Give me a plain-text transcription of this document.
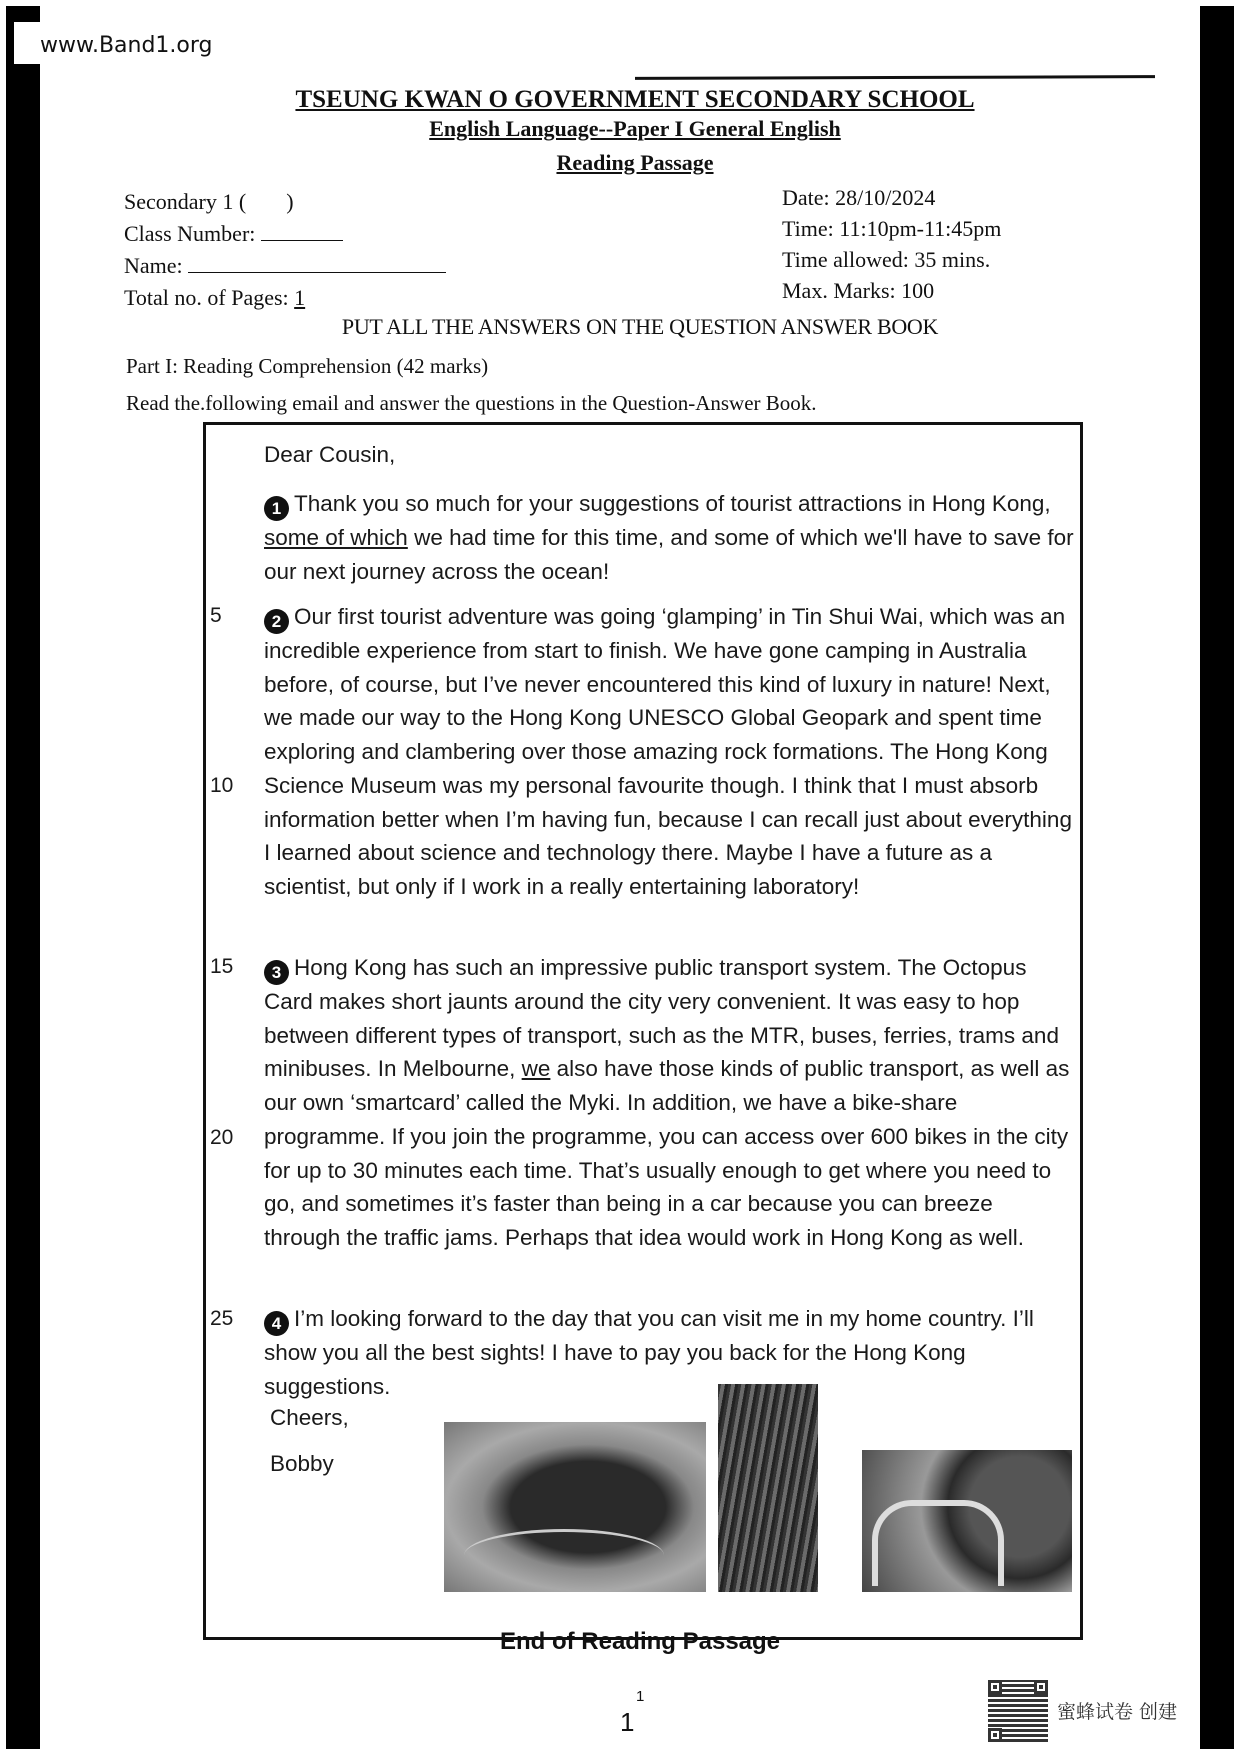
www.Band1.org
TSEUNG KWAN O GOVERNMENT SECONDARY SCHOOL
English Language--Paper I General English
Reading Passage
Secondary 1 ( )
Class Number:
Name:
Total no. of Pages: 1
Date: 28/10/2024
Time: 11:10pm-11:45pm
Time allowed: 35 mins.
Max. Marks: 100
PUT ALL THE ANSWERS ON THE QUESTION ANSWER BOOK
Part I: Reading Comprehension (42 marks)
Read the.following email and answer the questions in the Question-Answer Book.
5
10
15
20
25
Dear Cousin,
1 Thank you so much for your suggestions of tourist attractions in Hong Kong, some of which we had time for this time, and some of which we'll have to save for our next journey across the ocean!
2 Our first tourist adventure was going ‘glamping’ in Tin Shui Wai, which was an incredible experience from start to finish. We have gone camping in Australia before, of course, but I’ve never encountered this kind of luxury in nature! Next, we made our way to the Hong Kong UNESCO Global Geopark and spent time exploring and clambering over those amazing rock formations. The Hong Kong Science Museum was my personal favourite though. I think that I must absorb information better when I’m having fun, because I can recall just about everything I learned about science and technology there. Maybe I have a future as a scientist, but only if I work in a really entertaining laboratory!
3 Hong Kong has such an impressive public transport system. The Octopus Card makes short jaunts around the city very convenient. It was easy to hop between different types of transport, such as the MTR, buses, ferries, trams and minibuses. In Melbourne, we also have those kinds of public transport, as well as our own ‘smartcard’ called the Myki. In addition, we have a bike-share programme. If you join the programme, you can access over 600 bikes in the city for up to 30 minutes each time. That’s usually enough to get where you need to go, and sometimes it’s faster than being in a car because you can breeze through the traffic jams. Perhaps that idea would work in Hong Kong as well.
4 I’m looking forward to the day that you can visit me in my home country. I’ll show you all the best sights! I have to pay you back for the Hong Kong suggestions.
Cheers,
Bobby
End of Reading Passage
1
1	蜜蜂试卷 创建
